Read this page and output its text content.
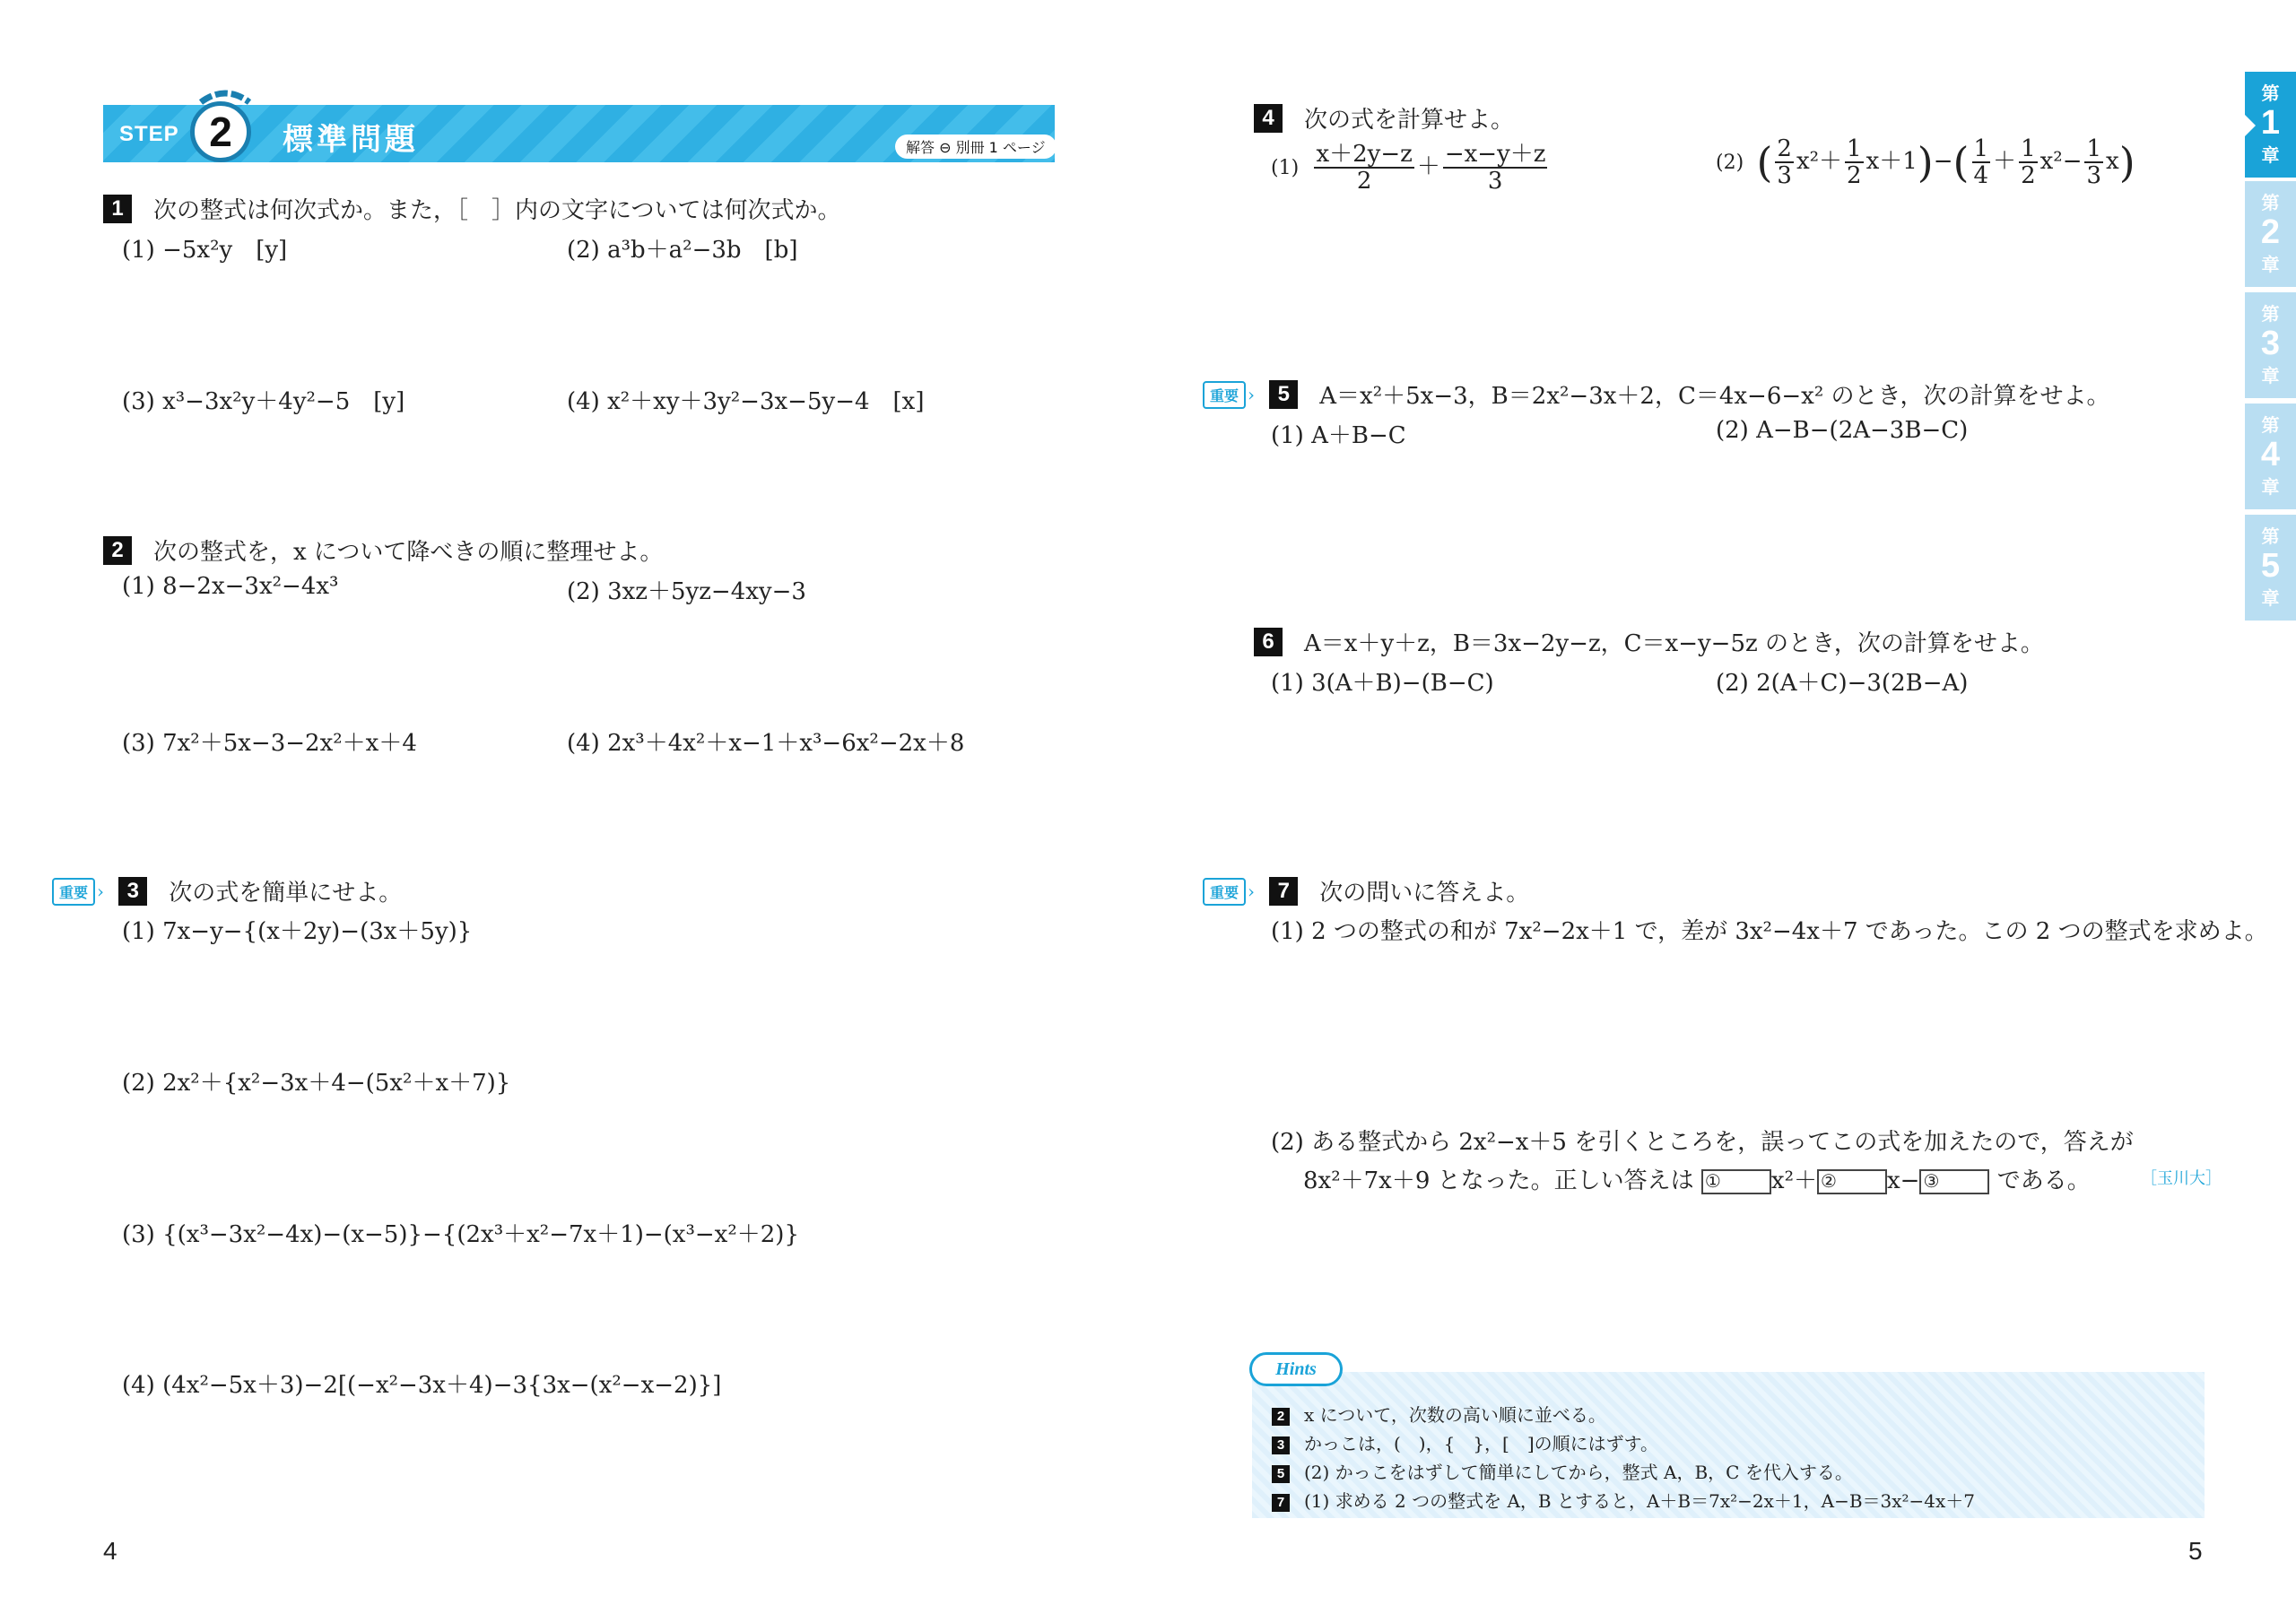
STEP 2	標準問題	解答 ⊖ 別冊 1 ページ
1 次の整式は何次式か。また，［　］内の文字については何次式か。
(1) −5x²y　[y]	(2) a³b＋a²−3b　[b]
(3) x³−3x²y＋4y²−5　[y]	(4) x²＋xy＋3y²−3x−5y−4　[x]
2 次の整式を，x について降べきの順に整理せよ。
(1) 8−2x−3x²−4x³	(2) 3xz＋5yz−4xy−3
(3) 7x²＋5x−3−2x²＋x＋4	(4) 2x³＋4x²＋x−1＋x³−6x²−2x＋8
重要 › 3 次の式を簡単にせよ。
(1) 7x−y−{(x＋2y)−(3x＋5y)}
(2) 2x²＋{x²−3x＋4−(5x²＋x＋7)}
(3) {(x³−3x²−4x)−(x−5)}−{(2x³＋x²−7x＋1)−(x³−x²＋2)}
(4) (4x²−5x＋3)−2[(−x²−3x＋4)−3{3x−(x²−x−2)}]
4 次の式を計算せよ。
$(1) \frac{x+2y-z}{2} + \frac{-x-y+z}{3}$	(2) ( $\frac{2}{3} x^2+ \frac{1}{2} x+1)-( \frac{1}{4} + \frac{1}{2} x^2- \frac{1}{3} x)$
重要 › 5 A＝x²＋5x−3，B＝2x²−3x＋2，C＝4x−6−x² のとき，次の計算をせよ。
(1) A＋B−C	(2) A−B−(2A−3B−C)
6 A＝x＋y＋z，B＝3x−2y−z，C＝x−y−5z のとき，次の計算をせよ。
(1) 3(A＋B)−(B−C)	(2) 2(A＋C)−3(2B−A)
重要 › 7 次の問いに答えよ。
(1) 2 つの整式の和が 7x²−2x＋1 で，差が 3x²−4x＋7 であった。この 2 つの整式を求めよ。
(2) ある整式から 2x²−x＋5 を引くところを，誤ってこの式を加えたので，答えが
8x²＋7x＋9 となった。正しい答えは ① x²＋ ② x− ③ である。	［玉川大］
Hints
2 x について，次数の高い順に並べる。
3 かっこは，(　)，{　}，[　]の順にはずす。
5 (2) かっこをはずして簡単にしてから，整式 A，B，C を代入する。
7 (1) 求める 2 つの整式を A，B とすると，A＋B＝7x²−2x＋1，A−B＝3x²−4x＋7
第
1
章
第
2
章
第
3
章
第
4
章
第
5
章
4	5
